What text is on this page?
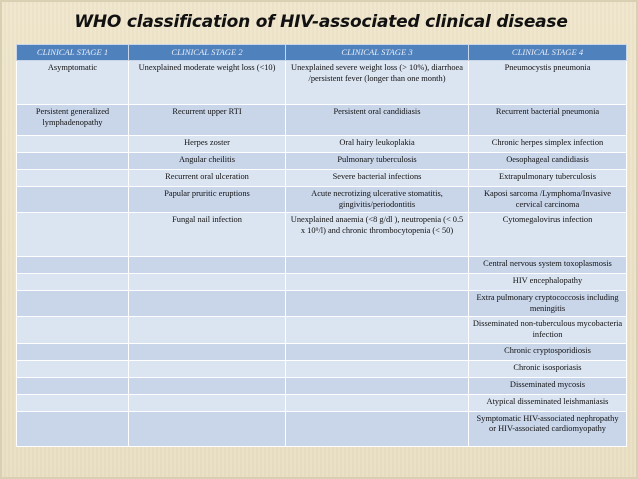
WHO classification of HIV-associated clinical disease
CLINICAL STAGE 1	CLINICAL STAGE 2	CLINICAL STAGE 3	CLINICAL STAGE 4
Asymptomatic	Unexplained moderate weight loss (<10)	Unexplained severe weight loss (> 10%), diarrhoea /persistent fever (longer than one month)	Pneumocystis pneumonia
Persistent generalized lymphadenopathy	Recurrent upper RTI	Persistent oral candidiasis	Recurrent bacterial pneumonia
	Herpes zoster	Oral hairy leukoplakia	Chronic herpes simplex infection
	Angular cheilitis	Pulmonary tuberculosis	Oesophageal candidiasis
	Recurrent oral ulceration	Severe bacterial infections	Extrapulmonary tuberculosis
	Papular pruritic eruptions	Acute necrotizing ulcerative stomatitis, gingivitis/periodontitis	Kaposi sarcoma /Lymphoma/Invasive cervical carcinoma
	Fungal nail infection	Unexplained anaemia (<8 g/dl ), neutropenia (< 0.5 x 10⁹/l) and chronic thrombocytopenia (< 50)	Cytomegalovirus infection
			Central nervous system toxoplasmosis
			HIV encephalopathy
			Extra pulmonary cryptococcosis including meningitis
			Disseminated non-tuberculous mycobacteria infection
			Chronic cryptosporidiosis
			Chronic isosporiasis
			Disseminated mycosis
			Atypical disseminated leishmaniasis
			Symptomatic HIV-associated nephropathy or HIV-associated cardiomyopathy
